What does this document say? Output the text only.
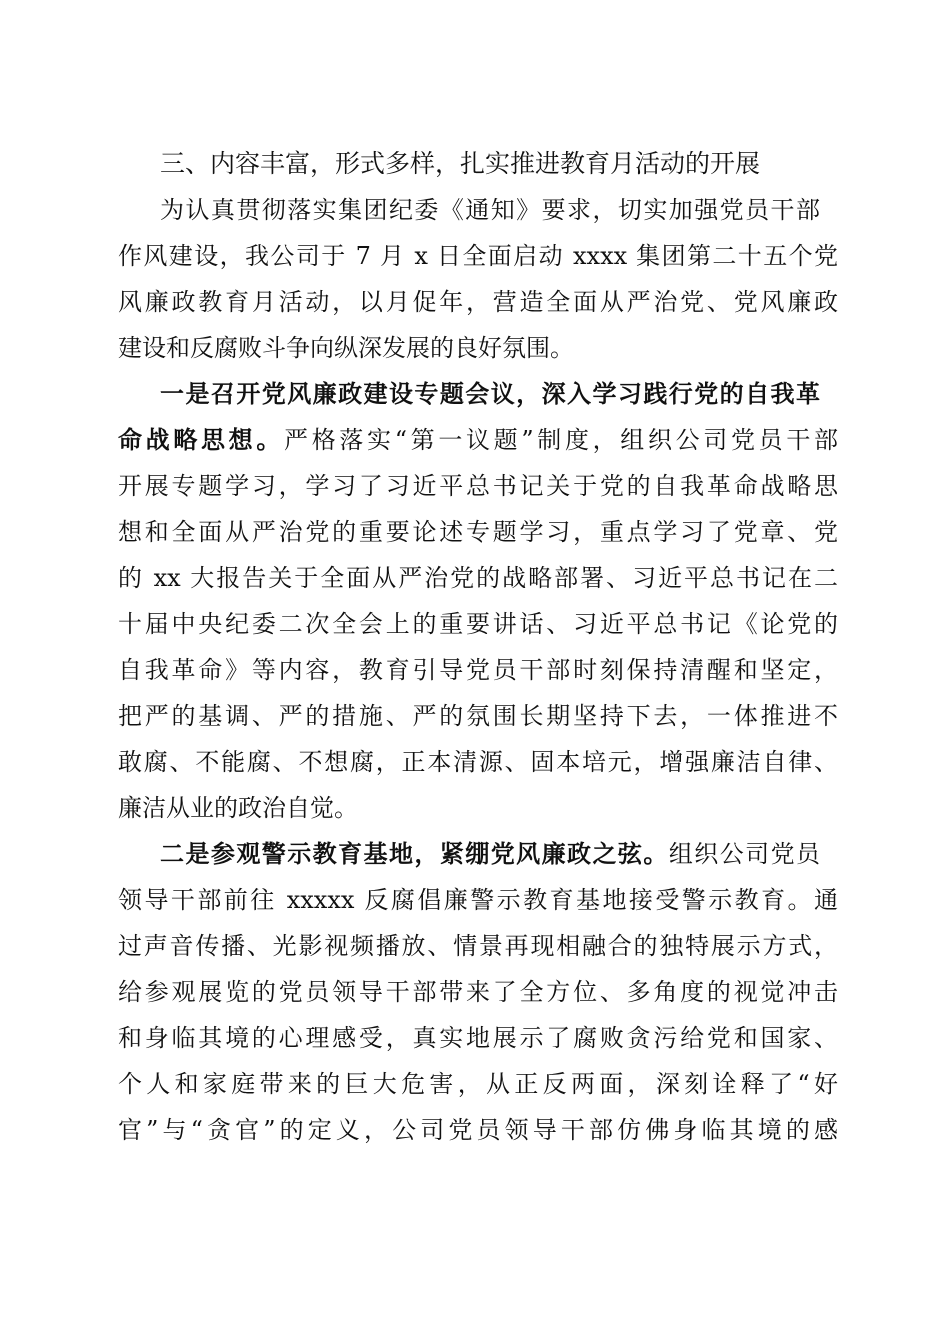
三、内容丰富，形式多样，扎实推进教育月活动的开展
为认真贯彻落实集团纪委《通知》要求，切实加强党员干部
作风建设，我公司于 7 月 x 日全面启动 xxxx 集团第二十五个党
风廉政教育月活动，以月促年，营造全面从严治党、党风廉政
建设和反腐败斗争向纵深发展的良好氛围。
一是召开党风廉政建设专题会议，深入学习践行党的自我革
命战略思想。严格落实“第一议题”制度，组织公司党员干部
开展专题学习，学习了习近平总书记关于党的自我革命战略思
想和全面从严治党的重要论述专题学习，重点学习了党章、党
的 xx 大报告关于全面从严治党的战略部署、习近平总书记在二
十届中央纪委二次全会上的重要讲话、习近平总书记《论党的
自我革命》等内容，教育引导党员干部时刻保持清醒和坚定，
把严的基调、严的措施、严的氛围长期坚持下去，一体推进不
敢腐、不能腐、不想腐，正本清源、固本培元，增强廉洁自律、
廉洁从业的政治自觉。
二是参观警示教育基地，紧绷党风廉政之弦。组织公司党员
领导干部前往 xxxxx 反腐倡廉警示教育基地接受警示教育。通
过声音传播、光影视频播放、情景再现相融合的独特展示方式，
给参观展览的党员领导干部带来了全方位、多角度的视觉冲击
和身临其境的心理感受，真实地展示了腐败贪污给党和国家、
个人和家庭带来的巨大危害，从正反两面，深刻诠释了“好
官”与“贪官”的定义，公司党员领导干部仿佛身临其境的感
